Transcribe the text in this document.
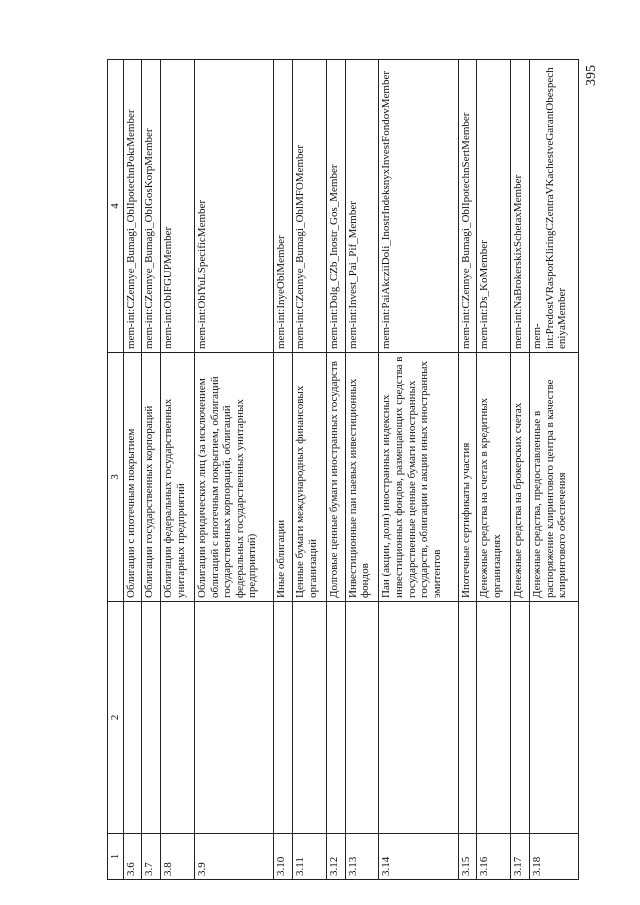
395
1	2	3	4
3.6		Облигации с ипотечным покрытием	mem-int:CZennye_Bumagi_OblIpotechnPokrMember
3.7		Облигации государственных корпораций	mem-int:CZennye_Bumagi_OblGosKorpMember
3.8		Облигации федеральных государственных унитарных предприятий	mem-int:OblFGUPMember
3.9		Облигации юридических лиц (за исключением облигаций с ипотечным покрытием, облигаций государственных корпораций, облигаций федеральных государственных унитарных предприятий)	mem-int:OblYuLSpecificMember
3.10		Иные облигации	mem-int:InyeOblMember
3.11		Ценные бумаги международных финансовых организаций	mem-int:CZennye_Bumagi_OblMFOMember
3.12		Долговые ценные бумаги иностранных государств	mem-int:Dolg_CZb_Inostr_Gos_Member
3.13		Инвестиционные паи паевых инвестиционных фондов	mem-int:Invest_Pai_Pif_Member
3.14		Паи (акции, доли) иностранных индексных инвестиционных фондов, размещающих средства в государственные ценные бумаги иностранных государств, облигации и акции иных иностранных эмитентов	mem-int:PaiAkcziiDoli_InostrIndeksnyxInvestFondovMember
3.15		Ипотечные сертификаты участия	mem-int:CZennye_Bumagi_OblIpotechnSertMember
3.16		Денежные средства на счетах в кредитных организациях	mem-int:Ds_KoMember
3.17		Денежные средства на брокерских счетах	mem-int:NaBrokerskixSchetaxMember
3.18		Денежные средства, предоставленные в распоряжение клирингового центра в качестве клирингового обеспечения	mem-int:PredostVRasporKliringCZentraVKachestveGarantObespecheniyaMember
